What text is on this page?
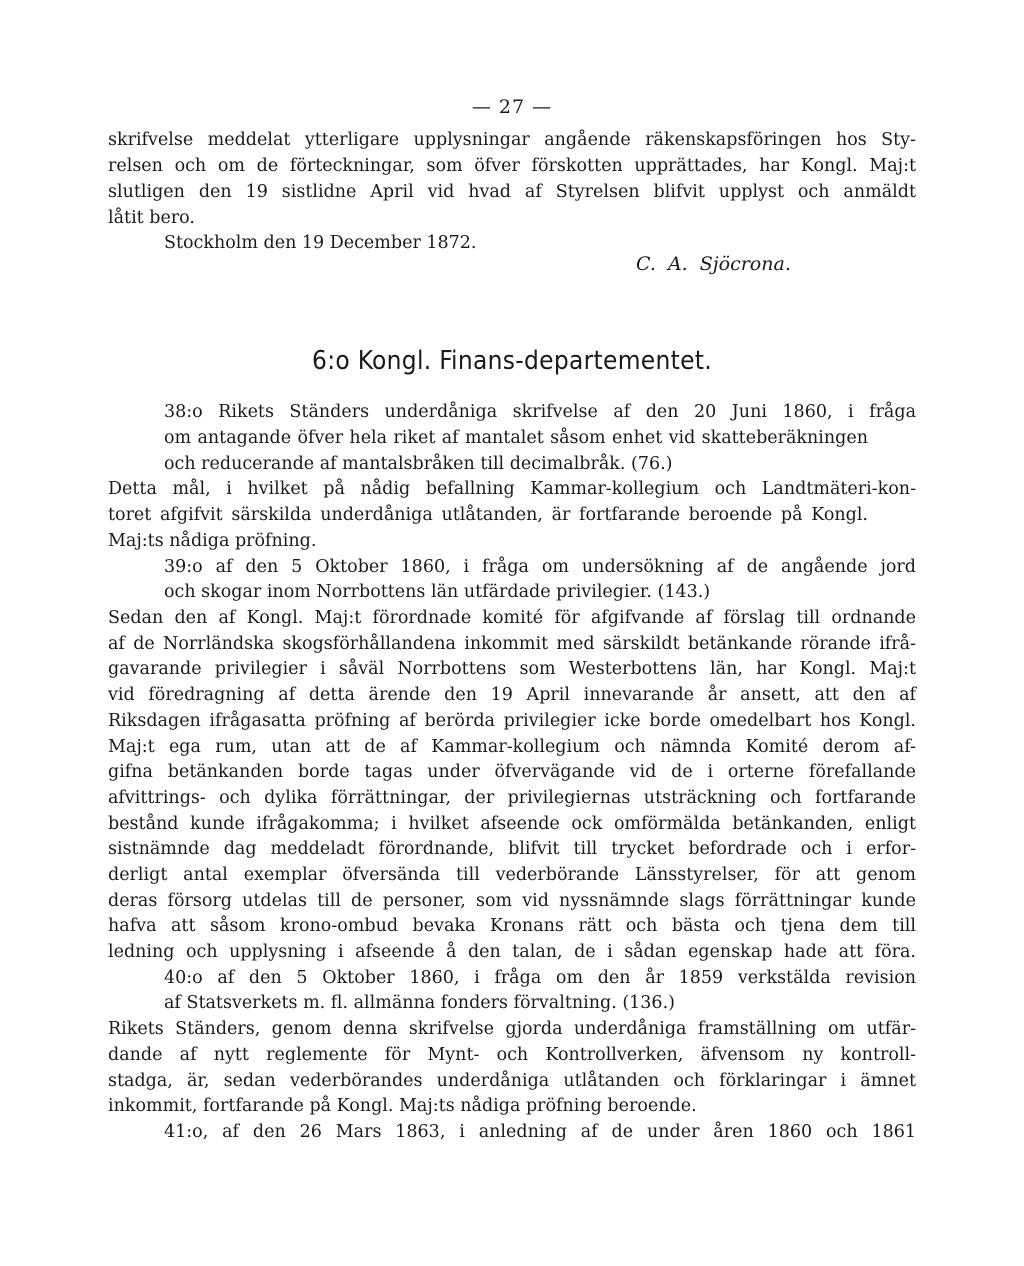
— 27 —
C. A. Sjöcrona.
6:o Kongl. Finans-departementet.
skrifvelse meddelat ytterligare upplysningar angående räkenskapsföringen hos Sty-
relsen och om de förteckningar, som öfver förskotten upprättades, har Kongl. Maj:t
slutligen den 19 sistlidne April vid hvad af Styrelsen blifvit upplyst och anmäldt
låtit bero.
Stockholm den 19 December 1872.
38:o Rikets Ständers underdåniga skrifvelse af den 20 Juni 1860, i fråga
om antagande öfver hela riket af mantalet såsom enhet vid skatteberäkningen
och reducerande af mantalsbråken till decimalbråk. (76.)
Detta mål, i hvilket på nådig befallning Kammar-kollegium och Landtmäteri-kon-
toret afgifvit särskilda underdåniga utlåtanden, är fortfarande beroende på Kongl.
Maj:ts nådiga pröfning.
39:o af den 5 Oktober 1860, i fråga om undersökning af de angående jord
och skogar inom Norrbottens län utfärdade privilegier. (143.)
Sedan den af Kongl. Maj:t förordnade komité för afgifvande af förslag till ordnande
af de Norrländska skogsförhållandena inkommit med särskildt betänkande rörande ifrå-
gavarande privilegier i såväl Norrbottens som Westerbottens län, har Kongl. Maj:t
vid föredragning af detta ärende den 19 April innevarande år ansett, att den af
Riksdagen ifrågasatta pröfning af berörda privilegier icke borde omedelbart hos Kongl.
Maj:t ega rum, utan att de af Kammar-kollegium och nämnda Komité derom af-
gifna betänkanden borde tagas under öfvervägande vid de i orterne förefallande
afvittrings- och dylika förrättningar, der privilegiernas utsträckning och fortfarande
bestånd kunde ifrågakomma; i hvilket afseende ock omförmälda betänkanden, enligt
sistnämnde dag meddeladt förordnande, blifvit till trycket befordrade och i erfor-
derligt antal exemplar öfversända till vederbörande Länsstyrelser, för att genom
deras försorg utdelas till de personer, som vid nyssnämnde slags förrättningar kunde
hafva att såsom krono-ombud bevaka Kronans rätt och bästa och tjena dem till
ledning och upplysning i afseende å den talan, de i sådan egenskap hade att föra.
40:o af den 5 Oktober 1860, i fråga om den år 1859 verkstälda revision
af Statsverkets m. fl. allmänna fonders förvaltning. (136.)
Rikets Ständers, genom denna skrifvelse gjorda underdåniga framställning om utfär-
dande af nytt reglemente för Mynt- och Kontrollverken, äfvensom ny kontroll-
stadga, är, sedan vederbörandes underdåniga utlåtanden och förklaringar i ämnet
inkommit, fortfarande på Kongl. Maj:ts nådiga pröfning beroende.
41:o, af den 26 Mars 1863, i anledning af de under åren 1860 och 1861
